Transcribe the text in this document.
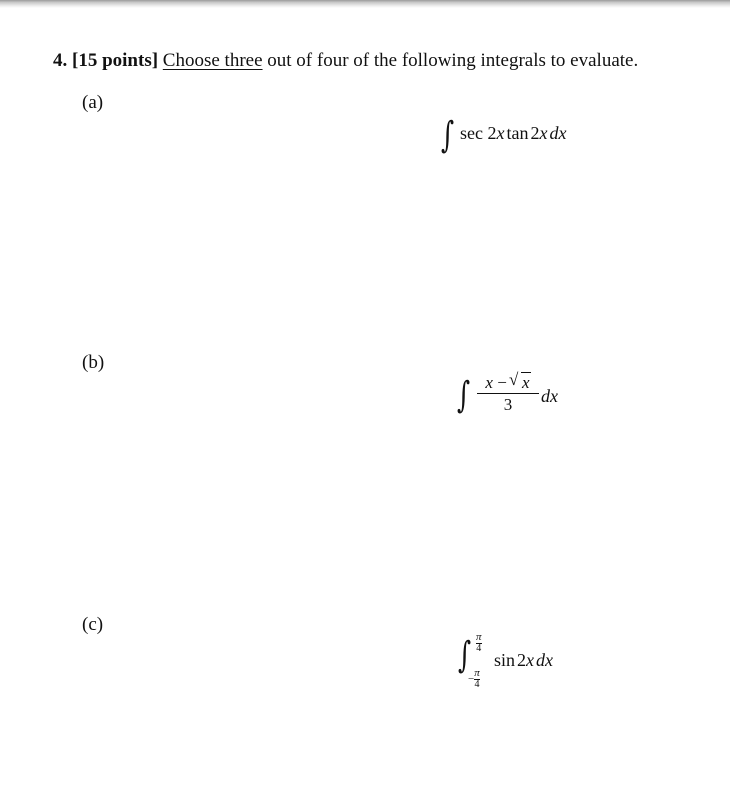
4. [15 points] Choose three out of four of the following integrals to evaluate.
(a)
∫ sec 2x tan 2x dx
(b)
∫ x − √ x
3	dx
(c)
∫ $\frac{\pi}{4}$
− $\frac{\pi}{4}$
sin 2x dx
